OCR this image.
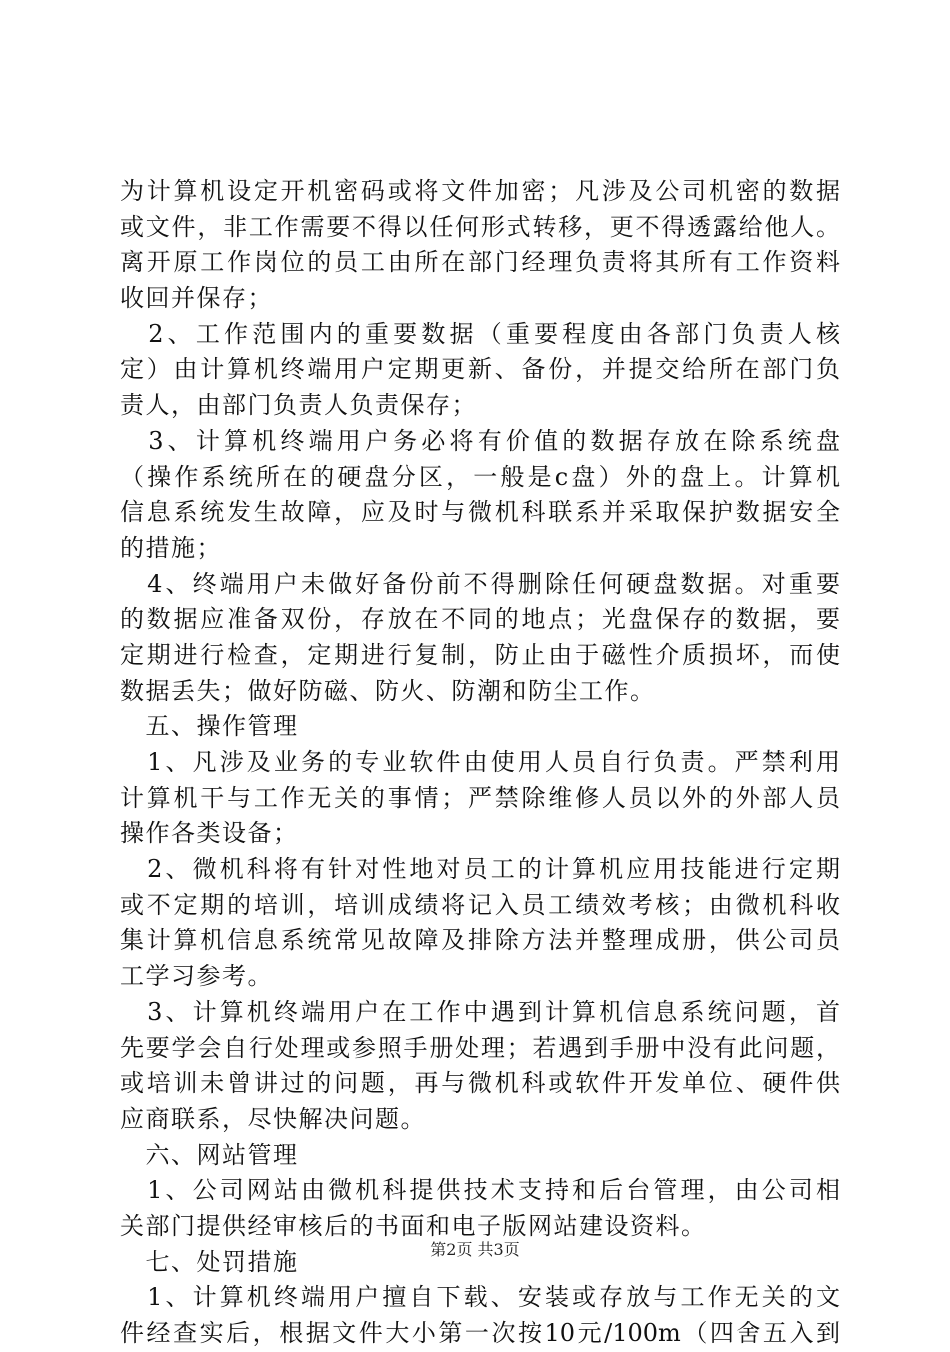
为计算机设定开机密码或将文件加密；凡涉及公司机密的数据
或文件，非工作需要不得以任何形式转移，更不得透露给他人。
离开原工作岗位的员工由所在部门经理负责将其所有工作资料
收回并保存；
　2、工作范围内的重要数据（重要程度由各部门负责人核
定）由计算机终端用户定期更新、备份，并提交给所在部门负
责人，由部门负责人负责保存；
　3、计算机终端用户务必将有价值的数据存放在除系统盘
（操作系统所在的硬盘分区，一般是c盘）外的盘上。计算机
信息系统发生故障，应及时与微机科联系并采取保护数据安全
的措施；
　4、终端用户未做好备份前不得删除任何硬盘数据。对重要
的数据应准备双份，存放在不同的地点；光盘保存的数据，要
定期进行检查，定期进行复制，防止由于磁性介质损坏，而使
数据丢失；做好防磁、防火、防潮和防尘工作。
　五、操作管理
　1、凡涉及业务的专业软件由使用人员自行负责。严禁利用
计算机干与工作无关的事情；严禁除维修人员以外的外部人员
操作各类设备；
　2、微机科将有针对性地对员工的计算机应用技能进行定期
或不定期的培训，培训成绩将记入员工绩效考核；由微机科收
集计算机信息系统常见故障及排除方法并整理成册，供公司员
工学习参考。
　3、计算机终端用户在工作中遇到计算机信息系统问题，首
先要学会自行处理或参照手册处理；若遇到手册中没有此问题，
或培训未曾讲过的问题，再与微机科或软件开发单位、硬件供
应商联系，尽快解决问题。
　六、网站管理
　1、公司网站由微机科提供技术支持和后台管理，由公司相
关部门提供经审核后的书面和电子版网站建设资料。
　七、处罚措施
　1、计算机终端用户擅自下载、安装或存放与工作无关的文
件经查实后，根据文件大小第一次按10元/100m（四舍五入到
第2页 共3页
